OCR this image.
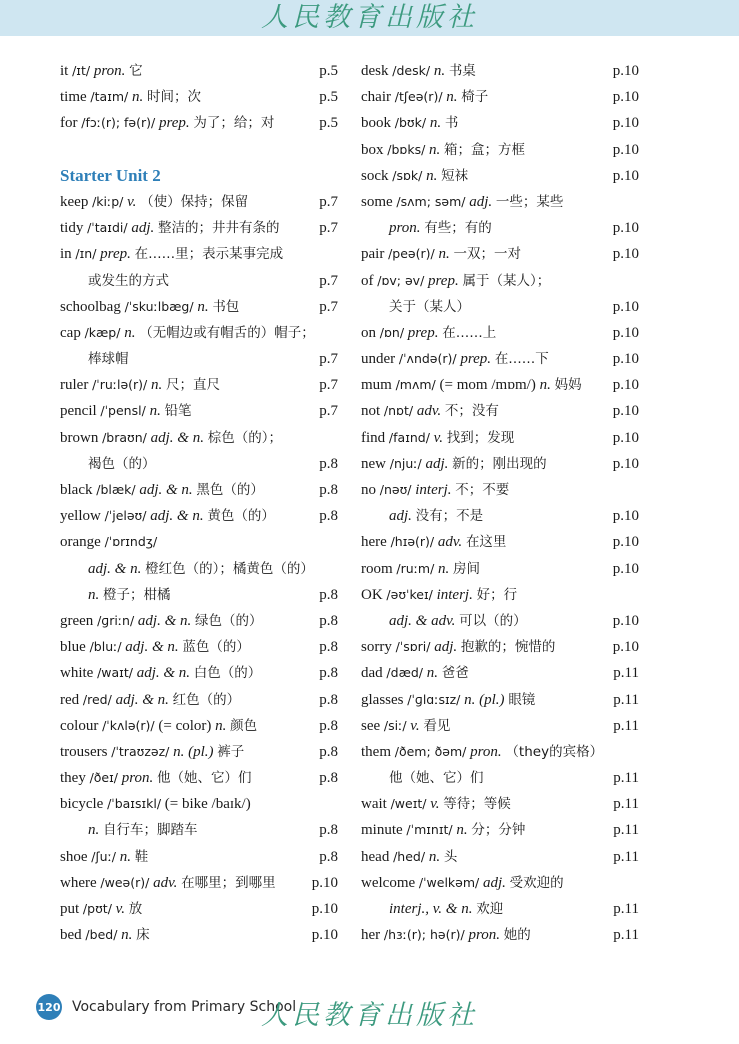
人民教育出版社
it /ɪt/ pron. 它	p.5
time /taɪm/ n. 时间；次	p.5
for /fɔː(r); fə(r)/ prep. 为了；给；对	p.5
Starter Unit 2
keep /kiːp/ v. （使）保持；保留	p.7
tidy /ˈtaɪdi/ adj. 整洁的；井井有条的	p.7
in /ɪn/ prep. 在……里；表示某事完成
或发生的方式	p.7
schoolbag /ˈskuːlbæg/ n. 书包	p.7
cap /kæp/ n. （无帽边或有帽舌的）帽子；
棒球帽	p.7
ruler /ˈruːlə(r)/ n. 尺；直尺	p.7
pencil /ˈpensl/ n. 铅笔	p.7
brown /braʊn/ adj. & n. 棕色（的）；
褐色（的）	p.8
black /blæk/ adj. & n. 黑色（的）	p.8
yellow /ˈjeləʊ/ adj. & n. 黄色（的）	p.8
orange /ˈɒrɪndʒ/
adj. & n. 橙红色（的）；橘黄色（的）
n. 橙子；柑橘	p.8
green /ɡriːn/ adj. & n. 绿色（的）	p.8
blue /bluː/ adj. & n. 蓝色（的）	p.8
white /waɪt/ adj. & n. 白色（的）	p.8
red /red/ adj. & n. 红色（的）	p.8
colour /ˈkʌlə(r)/ (= color) n. 颜色	p.8
trousers /ˈtraʊzəz/ n. (pl.) 裤子	p.8
they /ðeɪ/ pron. 他（她、它）们	p.8
bicycle /ˈbaɪsɪkl/ (= bike /baɪk/)
n. 自行车；脚踏车	p.8
shoe /ʃuː/ n. 鞋	p.8
where /weə(r)/ adv. 在哪里；到哪里 p.10
put /pʊt/ v. 放	p.10
bed /bed/ n. 床	p.10
desk /desk/ n. 书桌	p.10
chair /tʃeə(r)/ n. 椅子	p.10
book /bʊk/ n. 书	p.10
box /bɒks/ n. 箱；盒；方框	p.10
sock /sɒk/ n. 短袜	p.10
some /sʌm; səm/ adj. 一些；某些
pron. 有些；有的	p.10
pair /peə(r)/ n. 一双；一对	p.10
of /ɒv; əv/ prep. 属于（某人）；
关于（某人）	p.10
on /ɒn/ prep. 在……上	p.10
under /ˈʌndə(r)/ prep. 在……下	p.10
mum /mʌm/ (= mom /mɒm/) n. 妈妈 p.10
not /nɒt/ adv. 不；没有	p.10
find /faɪnd/ v. 找到；发现	p.10
new /njuː/ adj. 新的；刚出现的	p.10
no /nəʊ/ interj. 不；不要
adj. 没有；不是	p.10
here /hɪə(r)/ adv. 在这里	p.10
room /ruːm/ n. 房间	p.10
OK /əʊˈkeɪ/ interj. 好；行
adj. & adv. 可以（的）	p.10
sorry /ˈsɒri/ adj. 抱歉的；惋惜的	p.10
dad /dæd/ n. 爸爸	p.11
glasses /ˈɡlɑːsɪz/ n. (pl.) 眼镜	p.11
see /siː/ v. 看见	p.11
them /ðem; ðəm/ pron. （they的宾格）
他（她、它）们	p.11
wait /weɪt/ v. 等待；等候	p.11
minute /ˈmɪnɪt/ n. 分；分钟	p.11
head /hed/ n. 头	p.11
welcome /ˈwelkəm/ adj. 受欢迎的
interj., v. & n. 欢迎	p.11
her /hɜː(r); hə(r)/ pron. 她的	p.11
120 Vocabulary from Primary School
人民教育出版社
